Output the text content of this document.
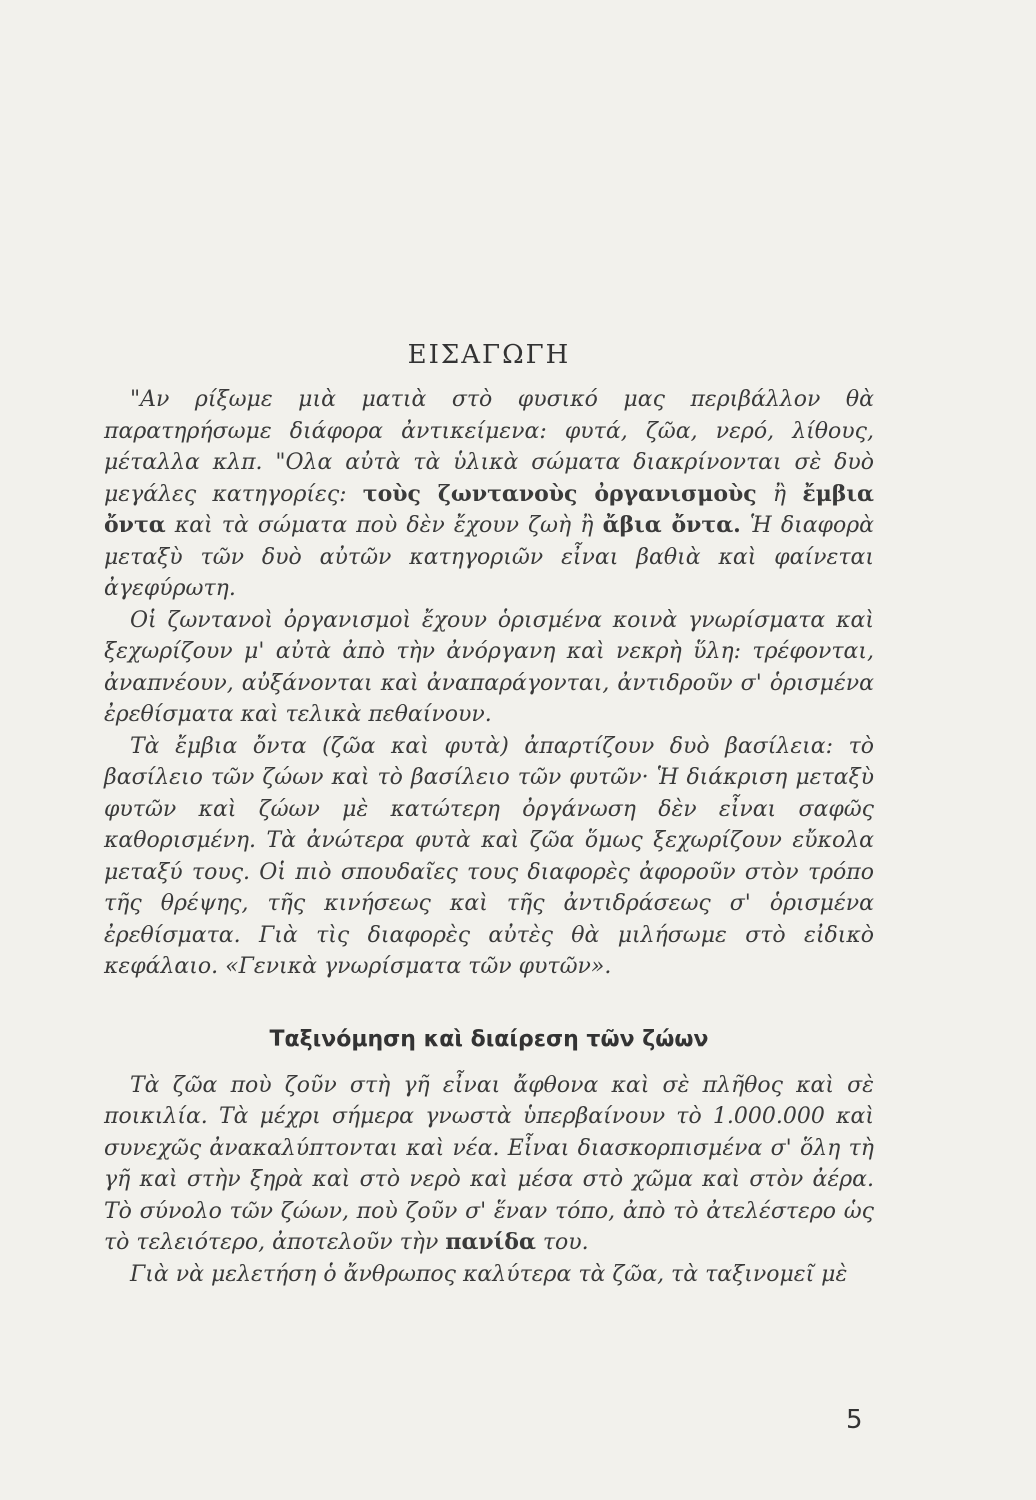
ΕΙΣΑΓΩΓΗ

"Αν ρίξωμε μιὰ ματιὰ στὸ φυσικό μας περιβάλλον θὰ παρατηρήσωμε διάφορα ἀντικείμενα: φυτά, ζῶα, νερό, λίθους, μέταλλα κλπ. "Ολα αὐτὰ τὰ ὑλικὰ σώματα διακρίνονται σὲ δυὸ μεγάλες κατηγορίες: τοὺς ζωντανοὺς ὀργανισμοὺς ἢ ἔμβια ὄντα καὶ τὰ σώματα ποὺ δὲν ἔχουν ζωὴ ἢ ἄβια ὄντα. Ἡ διαφορὰ μεταξὺ τῶν δυὸ αὐτῶν κατηγοριῶν εἶναι βαθιὰ καὶ φαίνεται ἀγεφύρωτη.

Οἱ ζωντανοὶ ὀργανισμοὶ ἔχουν ὁρισμένα κοινὰ γνωρίσματα καὶ ξεχωρίζουν μ' αὐτὰ ἀπὸ τὴν ἀνόργανη καὶ νεκρὴ ὕλη: τρέφονται, ἀναπνέουν, αὐξάνονται καὶ ἀναπαράγονται, ἀντιδροῦν σ' ὁρισμένα ἐρεθίσματα καὶ τελικὰ πεθαίνουν.

Τὰ ἔμβια ὄντα (ζῶα καὶ φυτὰ) ἀπαρτίζουν δυὸ βασίλεια: τὸ βασίλειο τῶν ζώων καὶ τὸ βασίλειο τῶν φυτῶν· Ἡ διάκριση μεταξὺ φυτῶν καὶ ζώων μὲ κατώτερη ὀργάνωση δὲν εἶναι σαφῶς καθορισμένη. Τὰ ἀνώτερα φυτὰ καὶ ζῶα ὅμως ξεχωρίζουν εὔκολα μεταξύ τους. Οἱ πιὸ σπουδαῖες τους διαφορὲς ἀφοροῦν στὸν τρόπο τῆς θρέψης, τῆς κινήσεως καὶ τῆς ἀντιδράσεως σ' ὁρισμένα ἐρεθίσματα. Γιὰ τὶς διαφορὲς αὐτὲς θὰ μιλήσωμε στὸ εἰδικὸ κεφάλαιο. «Γενικὰ γνωρίσματα τῶν φυτῶν».

Ταξινόμηση καὶ διαίρεση τῶν ζώων

Τὰ ζῶα ποὺ ζοῦν στὴ γῆ εἶναι ἄφθονα καὶ σὲ πλῆθος καὶ σὲ ποικιλία. Τὰ μέχρι σήμερα γνωστὰ ὑπερβαίνουν τὸ 1.000.000 καὶ συνεχῶς ἀνακαλύπτονται καὶ νέα. Εἶναι διασκορπισμένα σ' ὅλη τὴ γῆ καὶ στὴν ξηρὰ καὶ στὸ νερὸ καὶ μέσα στὸ χῶμα καὶ στὸν ἀέρα. Τὸ σύνολο τῶν ζώων, ποὺ ζοῦν σ' ἕναν τόπο, ἀπὸ τὸ ἀτελέστερο ὡς τὸ τελειότερο, ἀποτελοῦν τὴν πανίδα του.

Γιὰ νὰ μελετήση ὁ ἄνθρωπος καλύτερα τὰ ζῶα, τὰ ταξινομεῖ μὲ

5
